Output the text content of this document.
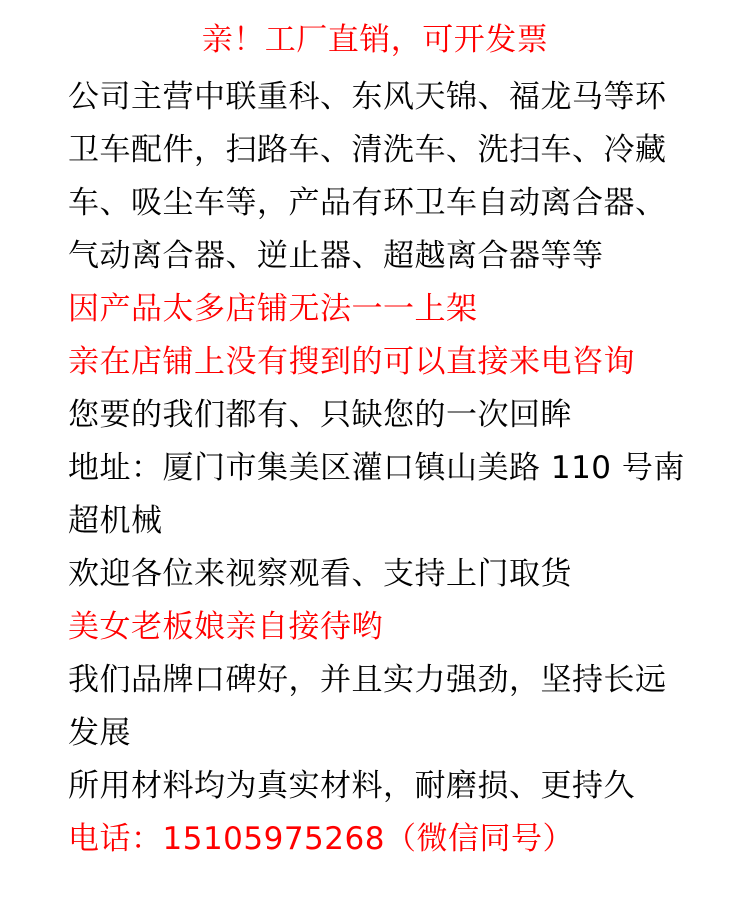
亲！工厂直销，可开发票
公司主营中联重科、东风天锦、福龙马等环
卫车配件，扫路车、清洗车、洗扫车、冷藏
车、吸尘车等，产品有环卫车自动离合器、
气动离合器、逆止器、超越离合器等等
因产品太多店铺无法一一上架
亲在店铺上没有搜到的可以直接来电咨询
您要的我们都有、只缺您的一次回眸
地址：厦门市集美区灌口镇山美路 110 号南
超机械
欢迎各位来视察观看、支持上门取货
美女老板娘亲自接待哟
我们品牌口碑好，并且实力强劲，坚持长远
发展
所用材料均为真实材料，耐磨损、更持久
电话：15105975268（微信同号）
